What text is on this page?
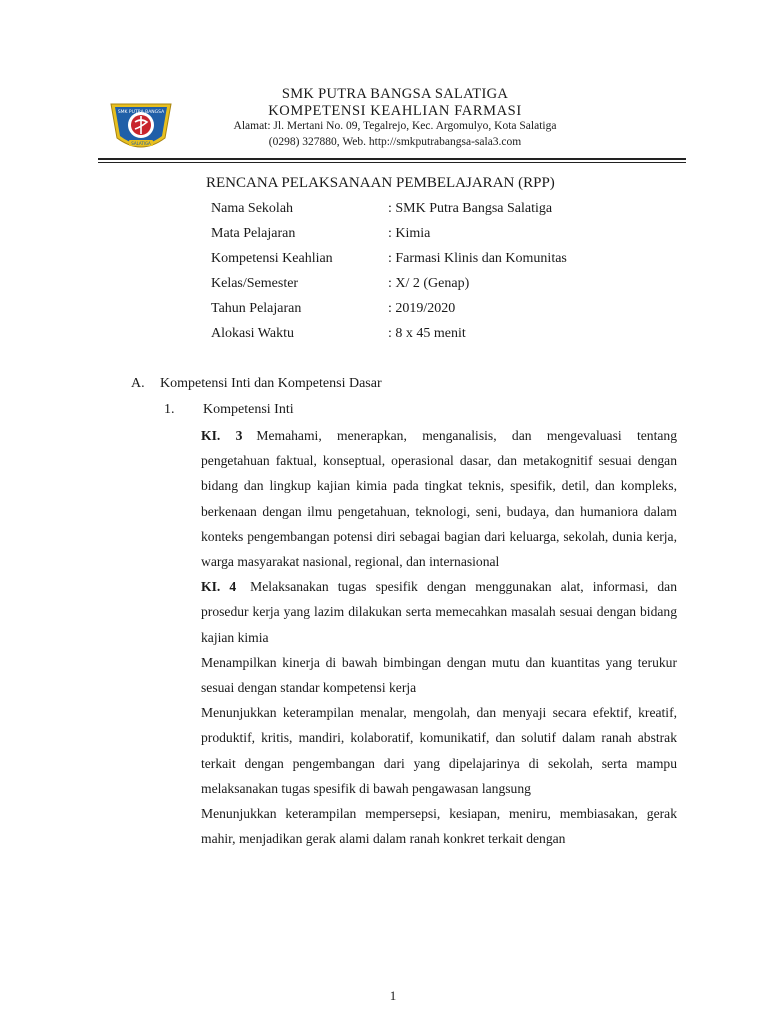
SMK PUTRA BANGSA
SALATIGA
SMK PUTRA BANGSA SALATIGA
KOMPETENSI KEAHLIAN FARMASI
Alamat: Jl. Mertani No. 09, Tegalrejo, Kec. Argomulyo, Kota Salatiga
(0298) 327880, Web. http://smkputrabangsa-sala3.com
RENCANA PELAKSANAAN PEMBELAJARAN (RPP)
Nama Sekolah	: SMK Putra Bangsa Salatiga
Mata Pelajaran	: Kimia
Kompetensi Keahlian	: Farmasi Klinis dan Komunitas
Kelas/Semester	: X/ 2 (Genap)
Tahun Pelajaran	: 2019/2020
Alokasi Waktu	: 8 x 45 menit
A. Kompetensi Inti dan Kompetensi Dasar
1. Kompetensi Inti

KI. 3 Memahami, menerapkan, menganalisis, dan mengevaluasi tentang pengetahuan faktual, konseptual, operasional dasar, dan metakognitif sesuai dengan bidang dan lingkup kajian kimia pada tingkat teknis, spesifik, detil, dan kompleks, berkenaan dengan ilmu pengetahuan, teknologi, seni, budaya, dan humaniora dalam konteks pengembangan potensi diri sebagai bagian dari keluarga, sekolah, dunia kerja, warga masyarakat nasional, regional, dan internasional

KI. 4 Melaksanakan tugas spesifik dengan menggunakan alat, informasi, dan prosedur kerja yang lazim dilakukan serta memecahkan masalah sesuai dengan bidang kajian kimia

Menampilkan kinerja di bawah bimbingan dengan mutu dan kuantitas yang terukur sesuai dengan standar kompetensi kerja

Menunjukkan keterampilan menalar, mengolah, dan menyaji secara efektif, kreatif, produktif, kritis, mandiri, kolaboratif, komunikatif, dan solutif dalam ranah abstrak terkait dengan pengembangan dari yang dipelajarinya di sekolah, serta mampu melaksanakan tugas spesifik di bawah pengawasan langsung

Menunjukkan keterampilan mempersepsi, kesiapan, meniru, membiasakan, gerak mahir, menjadikan gerak alami dalam ranah konkret terkait dengan

1
